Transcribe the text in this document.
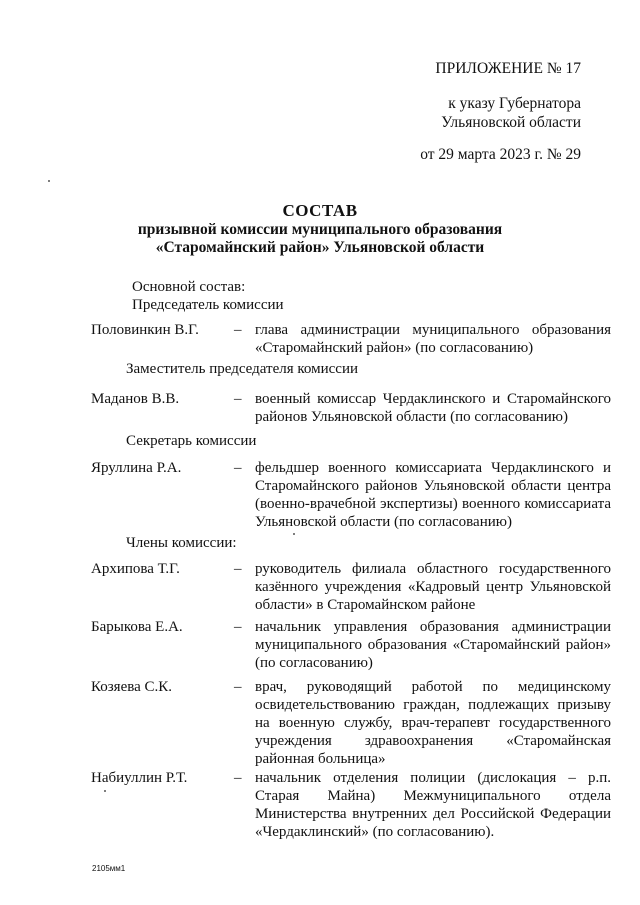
ПРИЛОЖЕНИЕ № 17
к указу Губернатора
Ульяновской области
от 29 марта 2023 г. № 29
СОСТАВ
призывной комиссии муниципального образования
«Старомайнский район» Ульяновской области
Основной состав:
Председатель комиссии
Половинкин В.Г.	– глава администрации муниципального образования «Старомайнский район» (по согласованию)
Заместитель председателя комиссии
Маданов В.В.	– военный комиссар Чердаклинского и Старомайнского районов Ульяновской области (по согласованию)
Секретарь комиссии
Яруллина Р.А.	– фельдшер военного комиссариата Чердаклинского и Старомайнского районов Ульяновской области центра (военно-врачебной экспертизы) военного комиссариата Ульяновской области (по согласованию)
Члены комиссии:
Архипова Т.Г.	– руководитель филиала областного государственного казённого учреждения «Кадровый центр Ульяновской области» в Старомайнском районе
Барыкова Е.А.	– начальник управления образования администрации муниципального образования «Старомайнский район» (по согласованию)
Козяева С.К.	– врач, руководящий работой по медицинскому освидетельствованию граждан, подлежащих призыву на военную службу, врач-терапевт государственного учреждения здравоохранения «Старомайнская районная больница»
Набиуллин Р.Т.	– начальник отделения полиции (дислокация – р.п. Старая Майна) Межмуниципального отдела Министерства внутренних дел Российской Федерации «Чердаклинский» (по согласованию).
2105мм1
